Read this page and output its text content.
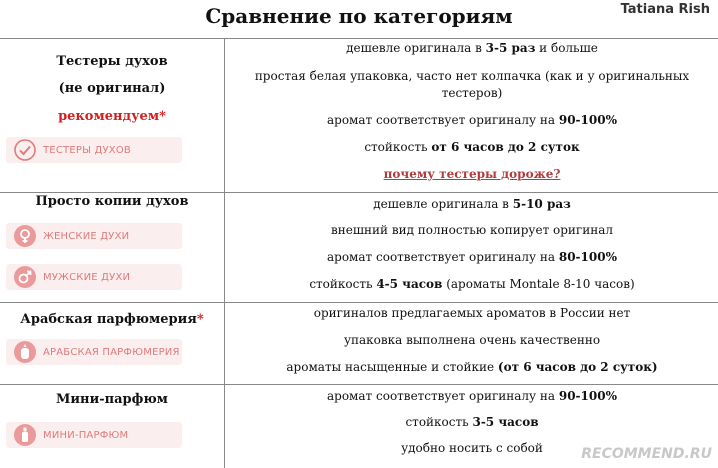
Сравнение по категориям	Tatiana Rish
Тестеры духов
(не оригинал)
рекомендуем*
ТЕСТЕРЫ ДУХОВ
дешевле оригинала в 3-5 раз и больше
простая белая упаковка, часто нет колпачка (как и у оригинальных
тестеров)
аромат соответствует оригиналу на 90-100%
стойкость от 6 часов до 2 суток
почему тестеры дороже?
Просто копии духов
ЖЕНСКИЕ ДУХИ
МУЖСКИЕ ДУХИ
дешевле оригинала в 5-10 раз
внешний вид полностью копирует оригинал
аромат соответствует оригиналу на 80-100%
стойкость 4-5 часов (ароматы Montale 8-10 часов)
Арабская парфюмерия*
АРАБСКАЯ ПАРФЮМЕРИЯ
оригиналов предлагаемых ароматов в России нет
упаковка выполнена очень качественно
ароматы насыщенные и стойкие (от 6 часов до 2 суток)
Мини-парфюм
МИНИ-ПАРФЮМ
аромат соответствует оригиналу на 90-100%
стойкость 3-5 часов
удобно носить с собой	RECOMMEND.RU
